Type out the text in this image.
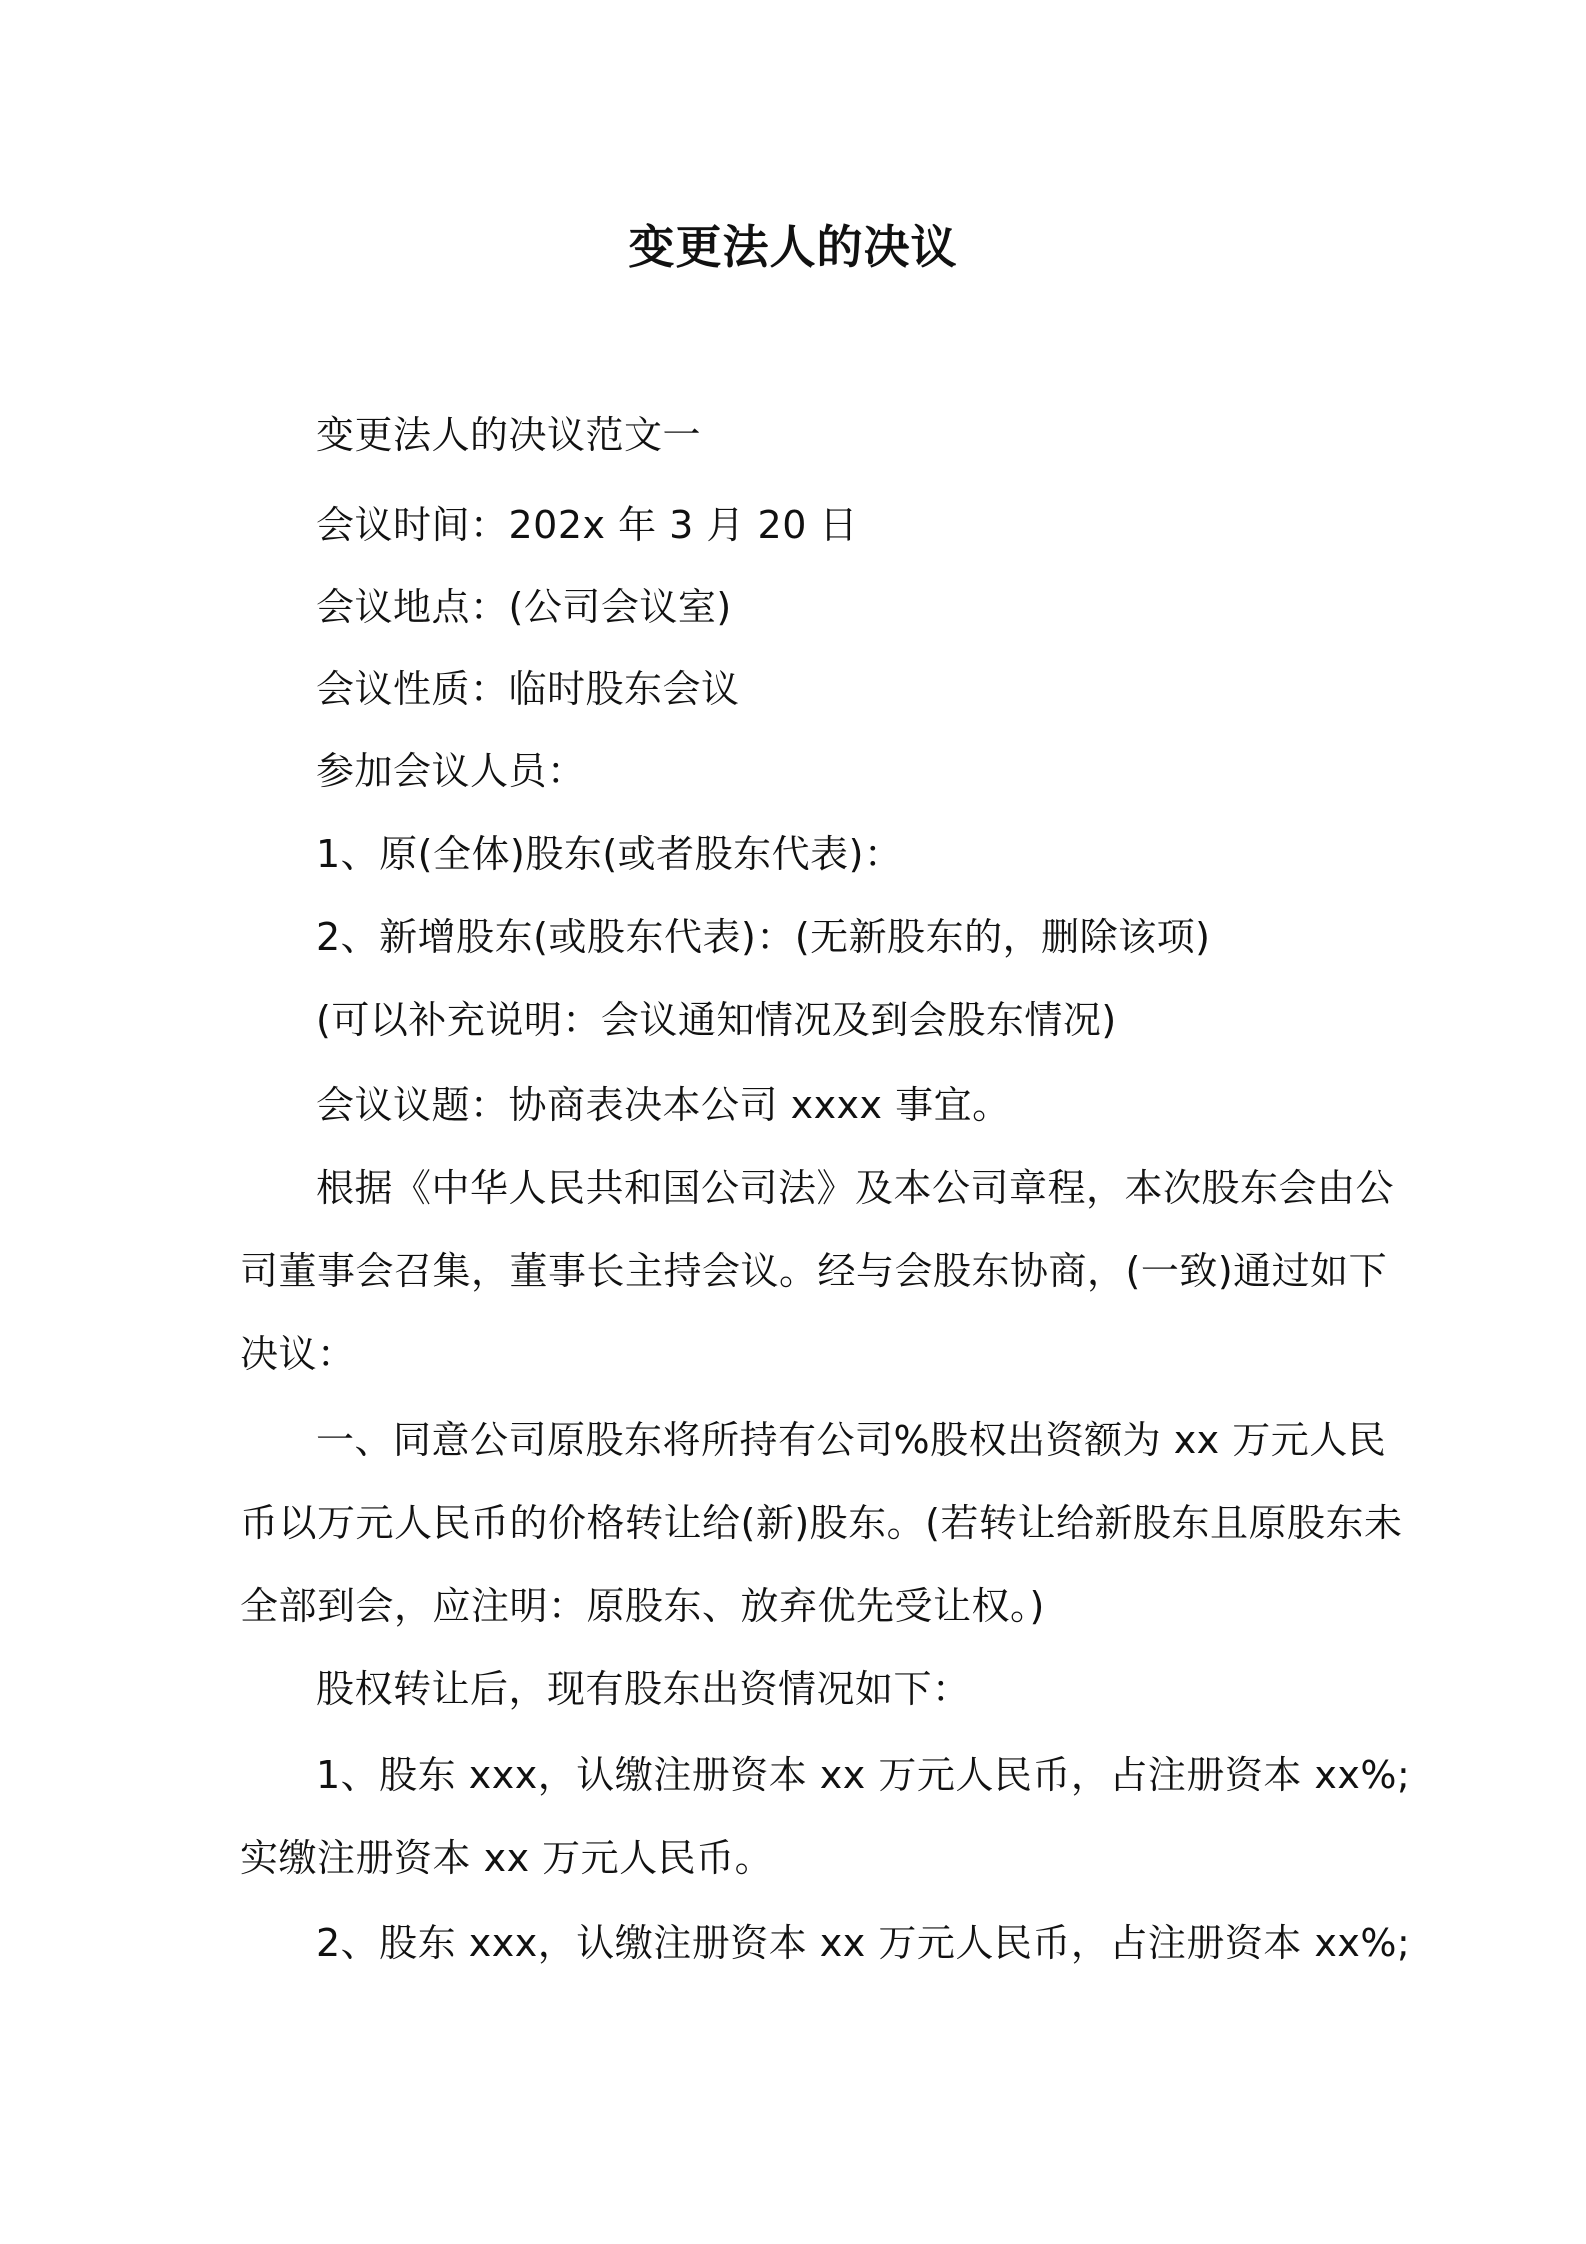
变更法人的决议
变更法人的决议范文一
会议时间：202x 年 3 月 20 日
会议地点：(公司会议室)
会议性质：临时股东会议
参加会议人员：
1、原(全体)股东(或者股东代表)：
2、新增股东(或股东代表)：(无新股东的，删除该项)
(可以补充说明：会议通知情况及到会股东情况)
会议议题：协商表决本公司 xxxx 事宜。
根据《中华人民共和国公司法》及本公司章程，本次股东会由公
司董事会召集，董事长主持会议。经与会股东协商，(一致)通过如下
决议：
一、同意公司原股东将所持有公司%股权出资额为 xx 万元人民
币以万元人民币的价格转让给(新)股东。(若转让给新股东且原股东未
全部到会，应注明：原股东、放弃优先受让权。)
股权转让后，现有股东出资情况如下：
1、股东 xxx，认缴注册资本 xx 万元人民币，占注册资本 xx%;
实缴注册资本 xx 万元人民币。
2、股东 xxx，认缴注册资本 xx 万元人民币，占注册资本 xx%;
